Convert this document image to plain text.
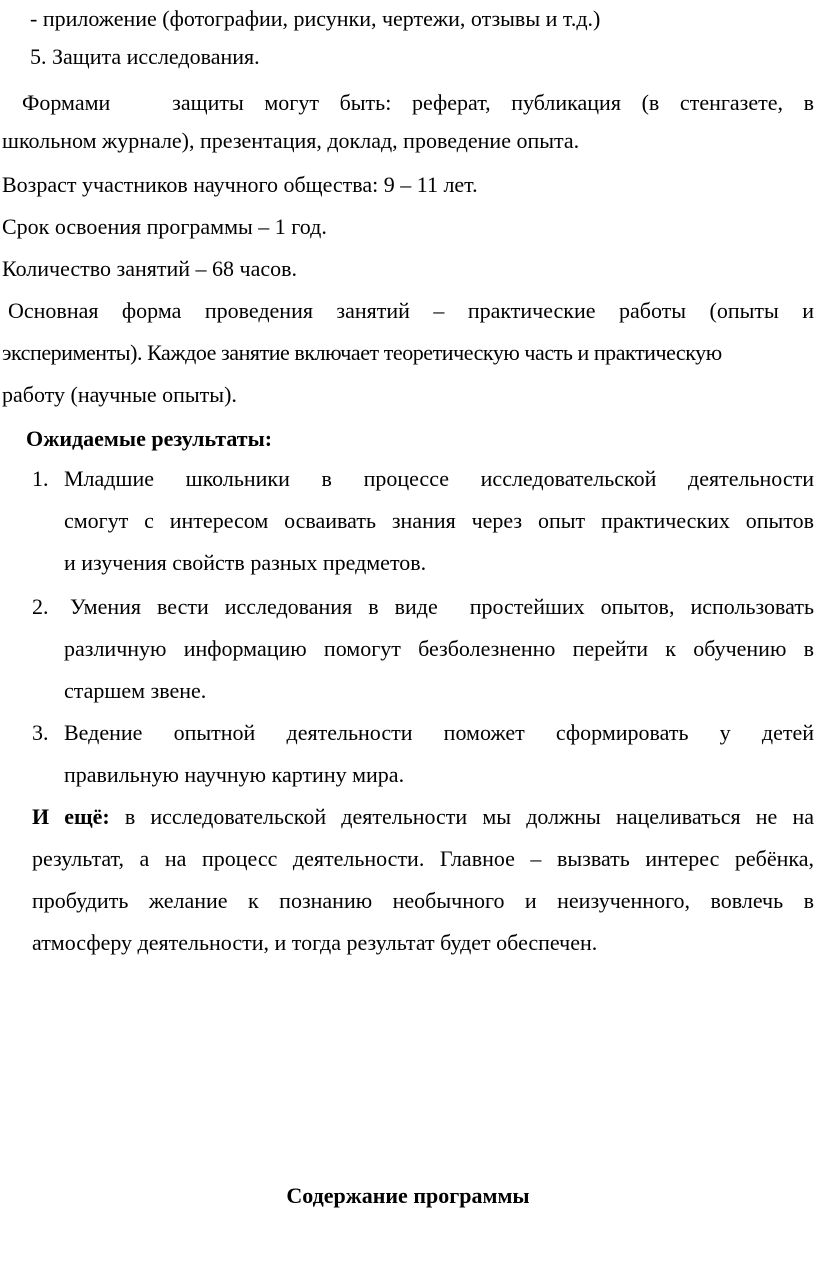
- приложение (фотографии, рисунки, чертежи, отзывы и т.д.)

5. Защита исследования.

Формами   защиты могут быть: реферат, публикация (в стенгазете, в

школьном журнале), презентация, доклад, проведение опыта.

Возраст участников научного общества: 9 – 11 лет.

Срок освоения программы – 1 год.

Количество занятий – 68 часов.

Основная форма проведения занятий – практические работы (опыты и

эксперименты). Каждое занятие включает теоретическую часть и практическую

работу (научные опыты).

Ожидаемые результаты:

1. Младшие школьники в процессе исследовательской деятельности

смогут с интересом осваивать знания через опыт практических опытов

и изучения свойств разных предметов.

2. Умения вести исследования в виде  простейших опытов, использовать

различную информацию помогут безболезненно перейти к обучению в

старшем звене.

3. Ведение опытной деятельности поможет сформировать у детей

правильную научную картину мира.

И ещё: в исследовательской деятельности мы должны нацеливаться не на

результат, а на процесс деятельности. Главное – вызвать интерес ребёнка,

пробудить желание к познанию необычного и неизученного, вовлечь в

атмосферу деятельности, и тогда результат будет обеспечен.

Содержание программы
